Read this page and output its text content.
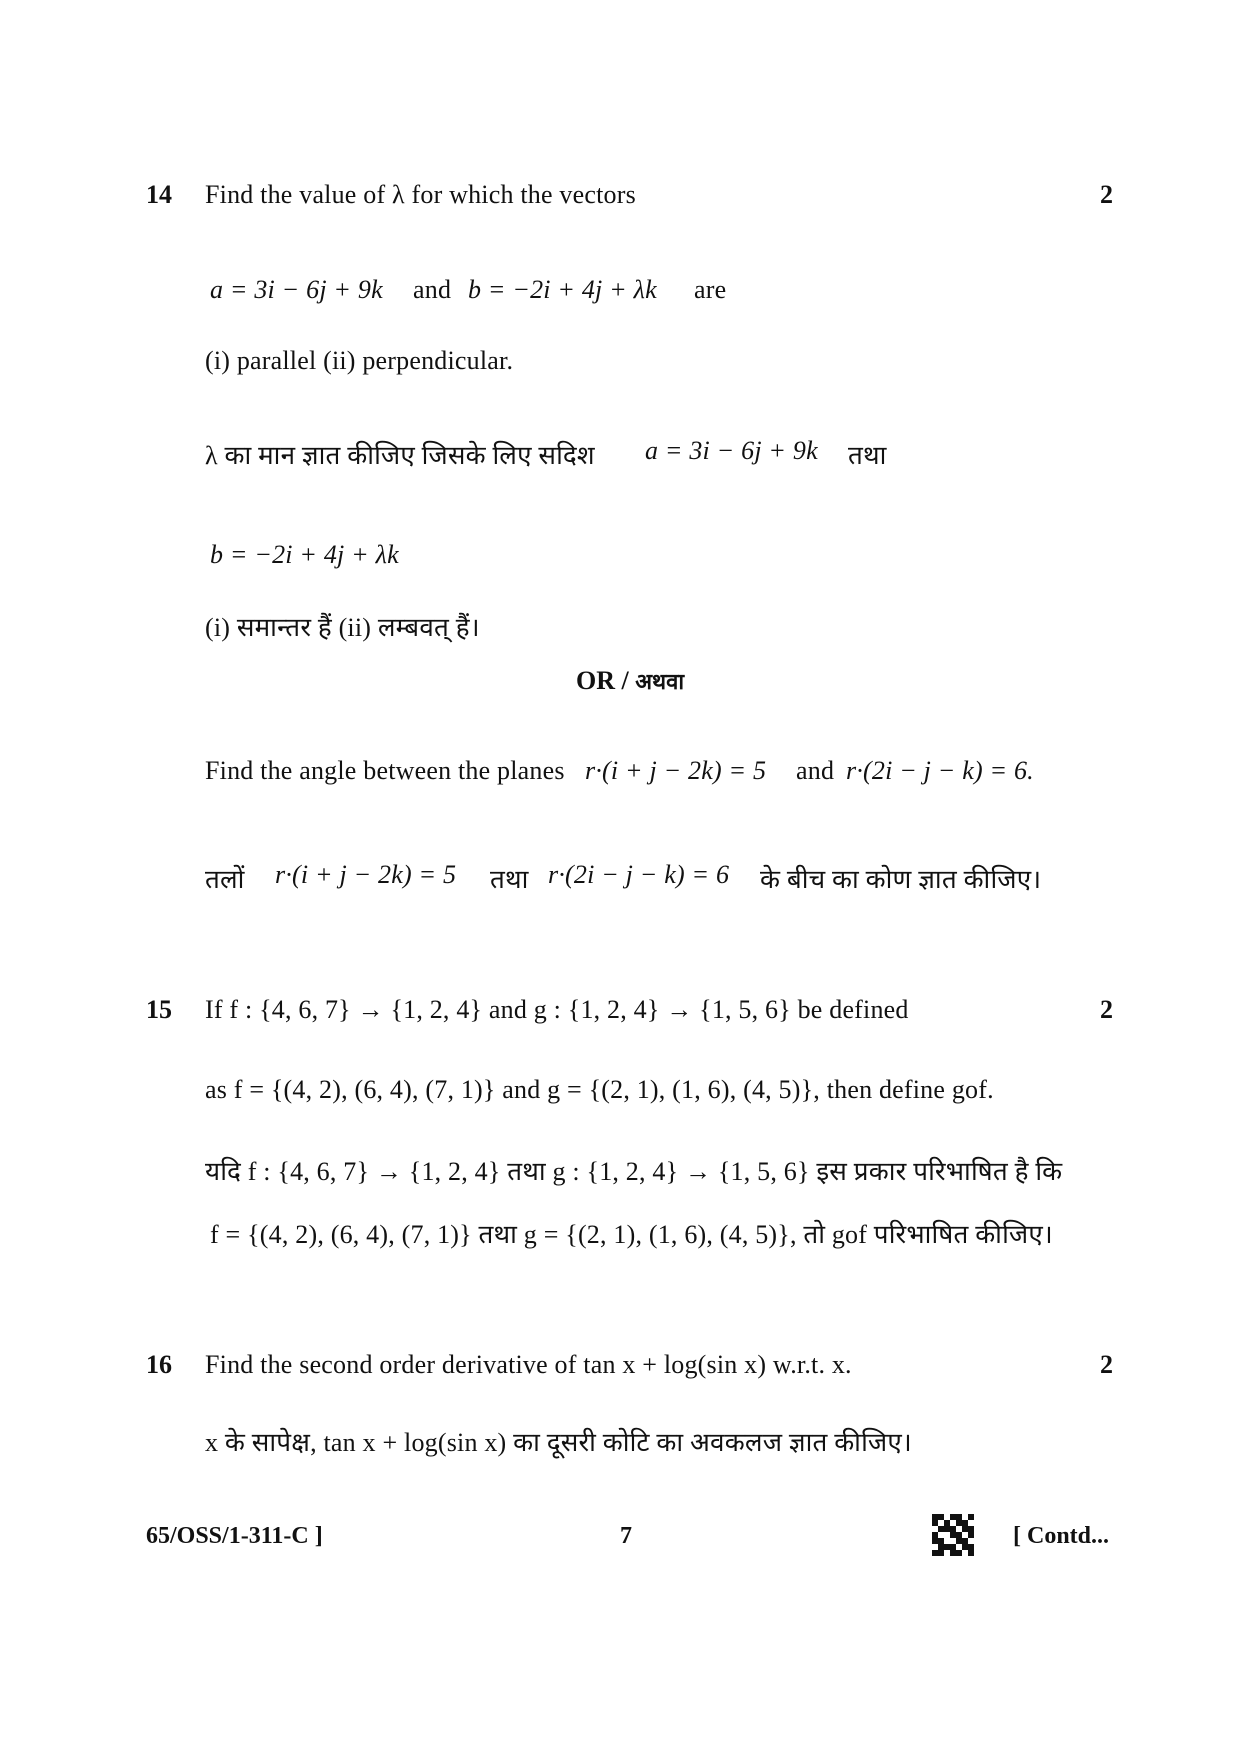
14 Find the value of λ for which the vectors	2
a = 3i − 6j + 9k and b = −2i + 4j + λk are
(i) parallel (ii) perpendicular.
λ का मान ज्ञात कीजिए जिसके लिए सदिश a = 3i − 6j + 9k तथा
b = −2i + 4j + λk
(i) समान्तर हैं (ii) लम्बवत् हैं।
OR / अथवा
Find the angle between the planes r·(i + j − 2k) = 5 and r·(2i − j − k) = 6.
तलों r·(i + j − 2k) = 5 तथा r·(2i − j − k) = 6 के बीच का कोण ज्ञात कीजिए।
15 If f : {4, 6, 7} → {1, 2, 4} and g : {1, 2, 4} → {1, 5, 6} be defined	2
as f = {(4, 2), (6, 4), (7, 1)} and g = {(2, 1), (1, 6), (4, 5)}, then define gof.
यदि f : {4, 6, 7} → {1, 2, 4} तथा g : {1, 2, 4} → {1, 5, 6} इस प्रकार परिभाषित है कि
f = {(4, 2), (6, 4), (7, 1)} तथा g = {(2, 1), (1, 6), (4, 5)}, तो gof परिभाषित कीजिए।
16 Find the second order derivative of tan x + log(sin x) w.r.t. x.	2
x के सापेक्ष, tan x + log(sin x) का दूसरी कोटि का अवकलज ज्ञात कीजिए।
65/OSS/1-311-C ]	7	[ Contd...
